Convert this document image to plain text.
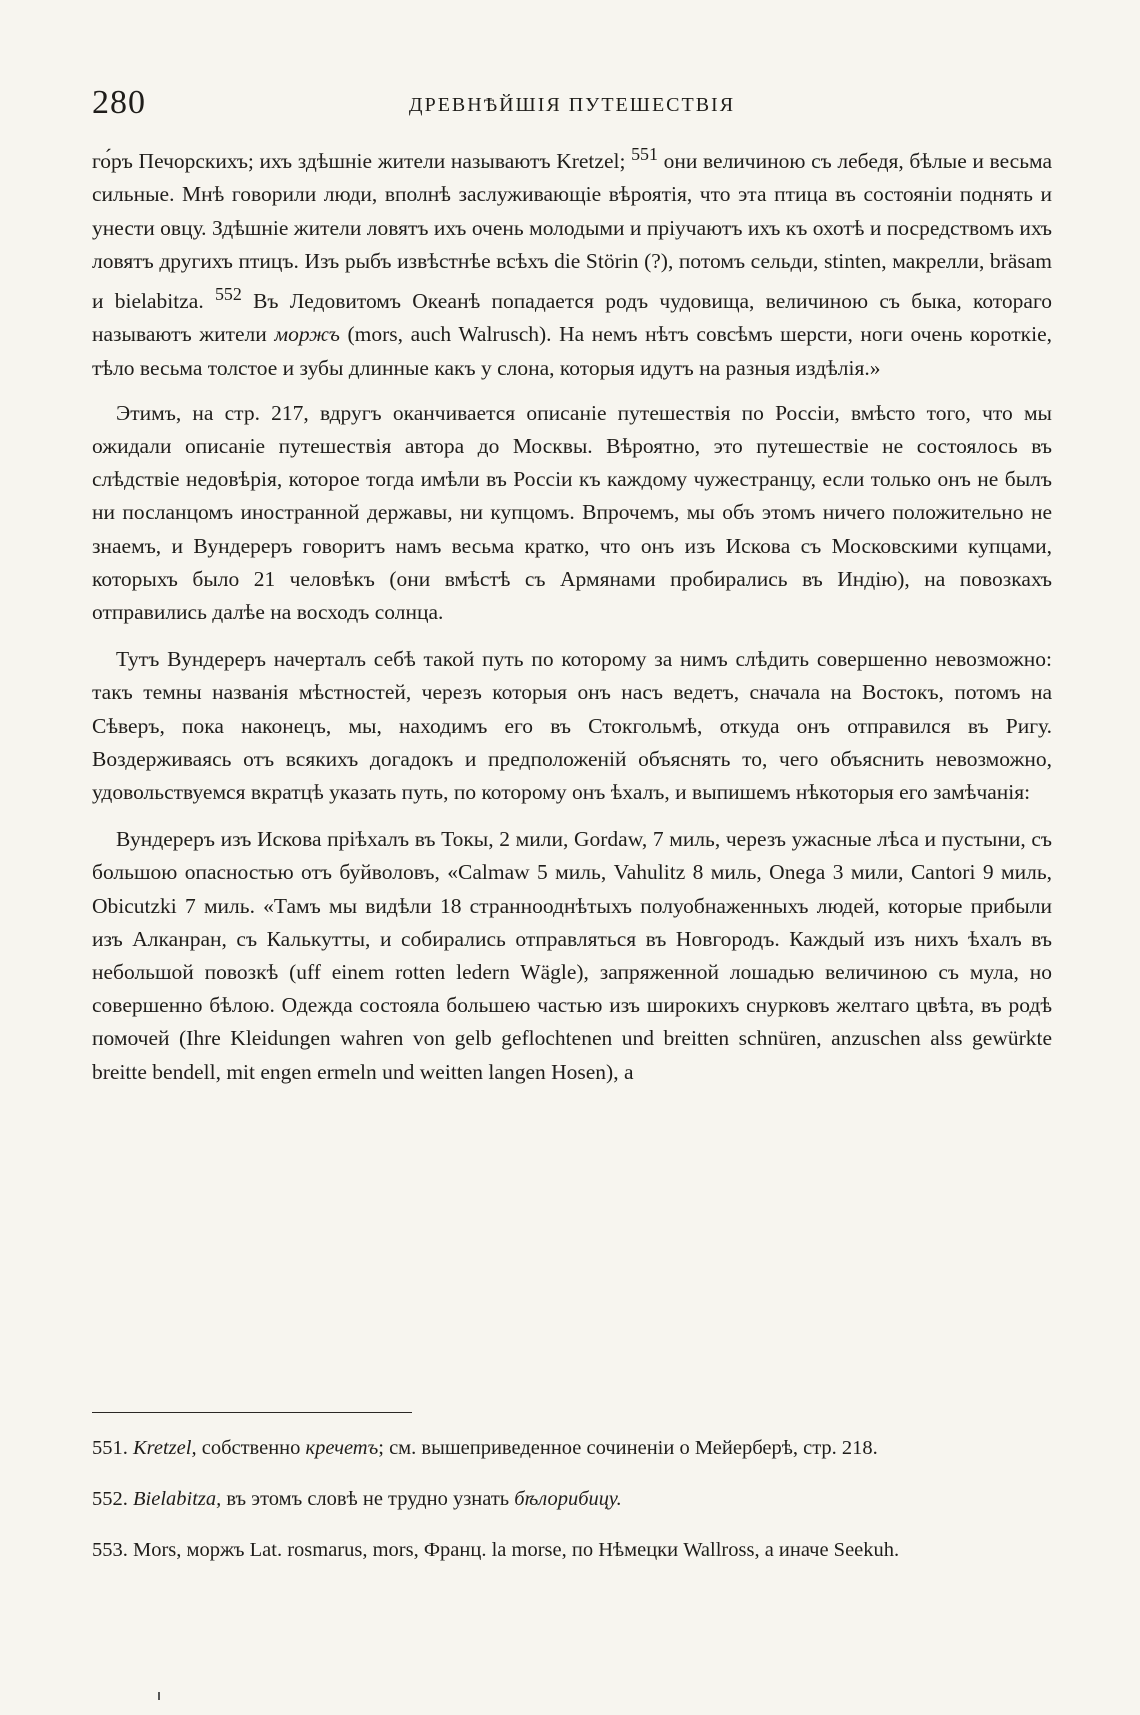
280	ДРЕВНѢЙШІЯ ПУТЕШЕСТВІЯ

го́ръ Печорскихъ; ихъ здѣшніе жители называютъ Kretzel; $^{551}$ они величиною съ лебедя, бѣлые и весьма сильные. Мнѣ говорили люди, вполнѣ заслуживающіе вѣроятія, что эта птица въ состояніи поднять и унести овцу. Здѣшніе жители ловятъ ихъ очень молодыми и пріучаютъ ихъ къ охотѣ и посредствомъ ихъ ловятъ другихъ птицъ. Изъ рыбъ извѣстнѣе всѣхъ die Störin (?), потомъ сельди, stinten, макрелли, bräsam и bielabitza. $^{552}$ Въ Ледовитомъ Океанѣ попадается родъ чудовища, величиною съ быка, котораго называютъ жители моржъ (mors, auch Walrusch). На немъ нѣтъ совсѣмъ шерсти, ноги очень короткіе, тѣло весьма толстое и зубы длинные какъ у слона, которыя идутъ на разныя издѣлія.»

Этимъ, на стр. 217, вдругъ оканчивается описаніе путешествія по Россіи, вмѣсто того, что мы ожидали описаніе путешествія автора до Москвы. Вѣроятно, это путешествіе не состоялось въ слѣдствіе недовѣрія, которое тогда имѣли въ Россіи къ каждому чужестранцу, если только онъ не былъ ни посланцомъ иностранной державы, ни купцомъ. Впрочемъ, мы объ этомъ ничего положительно не знаемъ, и Вундереръ говоритъ намъ весьма кратко, что онъ изъ Искова съ Московскими купцами, которыхъ было 21 человѣкъ (они вмѣстѣ съ Армянами пробирались въ Индію), на повозкахъ отправились далѣе на восходъ солнца.

Тутъ Вундереръ начерталъ себѣ такой путь по которому за нимъ слѣдить совершенно невозможно: такъ темны названія мѣстностей, черезъ которыя онъ насъ ведетъ, сначала на Востокъ, потомъ на Сѣверъ, пока наконецъ, мы, находимъ его въ Стокгольмѣ, откуда онъ отправился въ Ригу. Воздерживаясь отъ всякихъ догадокъ и предположеній объяснять то, чего объяснить невозможно, удовольствуемся вкратцѣ указать путь, по которому онъ ѣхалъ, и выпишемъ нѣкоторыя его замѣчанія:

Вундереръ изъ Искова пріѣхалъ въ Токы, 2 мили, Gordaw, 7 миль, черезъ ужасные лѣса и пустыни, съ большою опасностью отъ буйволовъ, «Calmaw 5 миль, Vahulitz 8 миль, Onega 3 мили, Cantori 9 миль, Obicutzki 7 миль. «Тамъ мы видѣли 18 страннооднѣтыхъ полуобнаженныхъ людей, которые прибыли изъ Алканран, съ Калькутты, и собирались отправляться въ Новгородъ. Каждый изъ нихъ ѣхалъ въ небольшой повозкѣ (uff einem rotten ledern Wägle), запряженной лошадью величиною съ мула, но совершенно бѣлою. Одежда состояла большею частью изъ широкихъ снурковъ желтаго цвѣта, въ родѣ помочей (Ihre Kleidungen wahren von gelb geflochtenen und breitten schnüren, anzuschen alss gewürkte breitte bendell, mit engen ermeln und weitten langen Hosen), а

551. Kretzel, собственно кречетъ; см. вышеприведенное сочиненіи о Мейерберѣ, стр. 218.

552. Bielabitza, въ этомъ словѣ не трудно узнать бѣлорибицу.

553. Mors, моржъ Lat. rosmarus, mors, Франц. la morse, по Нѣмецки Wallross, а иначе Seekuh.
